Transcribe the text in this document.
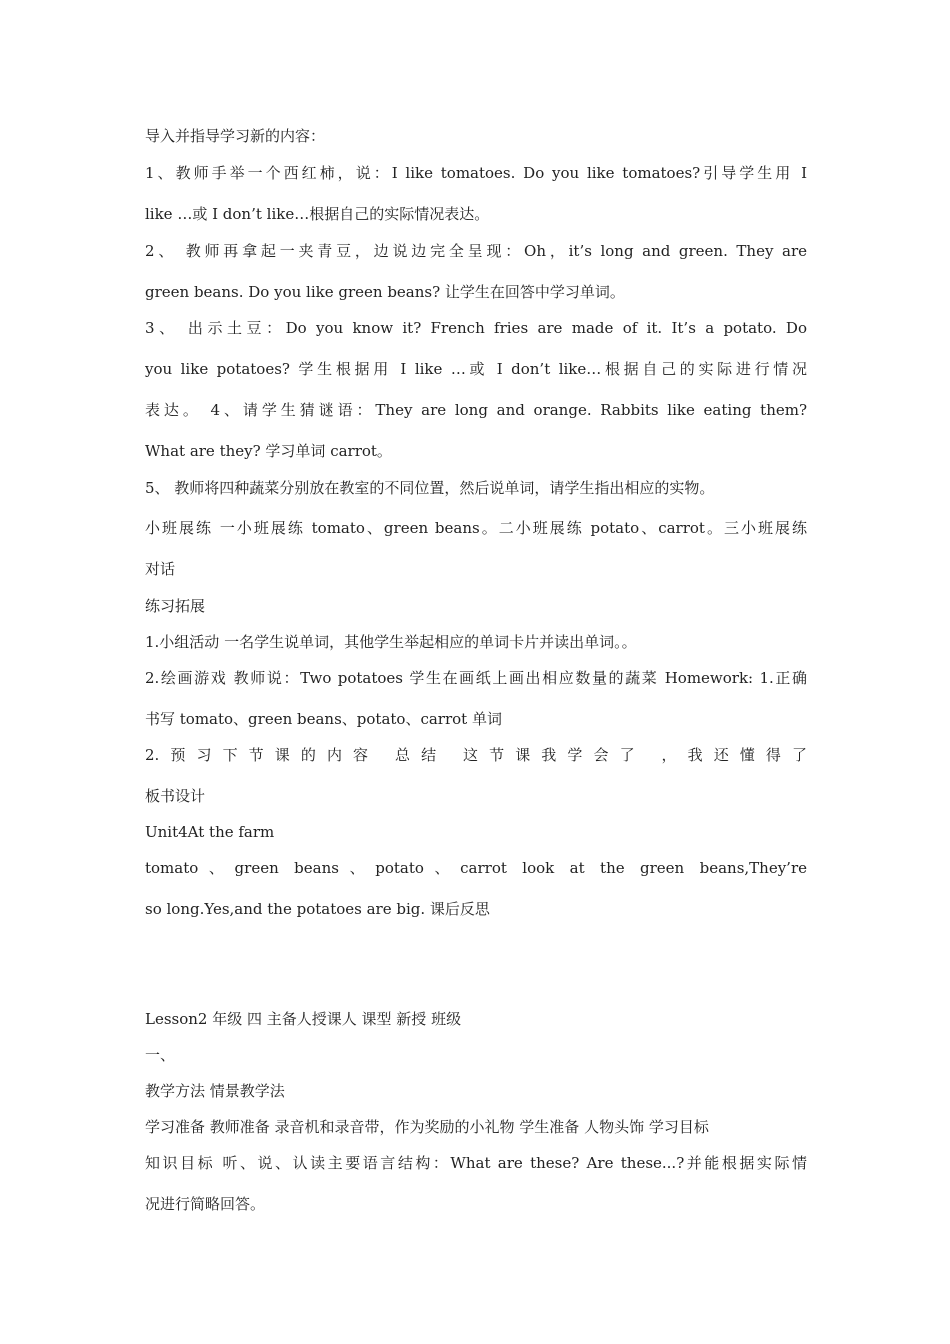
导入并指导学习新的内容：
1、教师手举一个西红柿，说：I like tomatoes. Do you like tomatoes?引导学生用 I
like …或 I don’t like…根据自己的实际情况表达。
2、 教师再拿起一夹青豆，边说边完全呈现：Oh，it’s long and green. They are
green beans. Do you like green beans? 让学生在回答中学习单词。
3、 出示土豆：Do you know it? French fries are made of it. It’s a potato. Do
you like potatoes? 学生根据用 I like …或 I don’t like…根据自己的实际进行情况
表达。 4、请学生猜谜语：They are long and orange. Rabbits like eating them?
What are they? 学习单词 carrot。
5、 教师将四种蔬菜分别放在教室的不同位置，然后说单词，请学生指出相应的实物。
小班展练 一小班展练 tomato、green beans。二小班展练 potato、carrot。三小班展练
对话
练习拓展
1.小组活动 一名学生说单词，其他学生举起相应的单词卡片并读出单词。。
2.绘画游戏 教师说：Two potatoes 学生在画纸上画出相应数量的蔬菜 Homework: 1.正确
书写 tomato、green beans、potato、carrot 单词
2.预习下节课的内容 总结 这节课我学会了 ，我还懂得了
板书设计
Unit4At the farm
tomato、green beans、potato、carrot look at the green beans,They’re
so long.Yes,and the potatoes are big. 课后反思
Lesson2 年级 四 主备人授课人 课型 新授 班级
一、
教学方法 情景教学法
学习准备 教师准备 录音机和录音带，作为奖励的小礼物 学生准备 人物头饰 学习目标
知识目标 听、说、认读主要语言结构：What are these? Are these...?并能根据实际情
况进行简略回答。
